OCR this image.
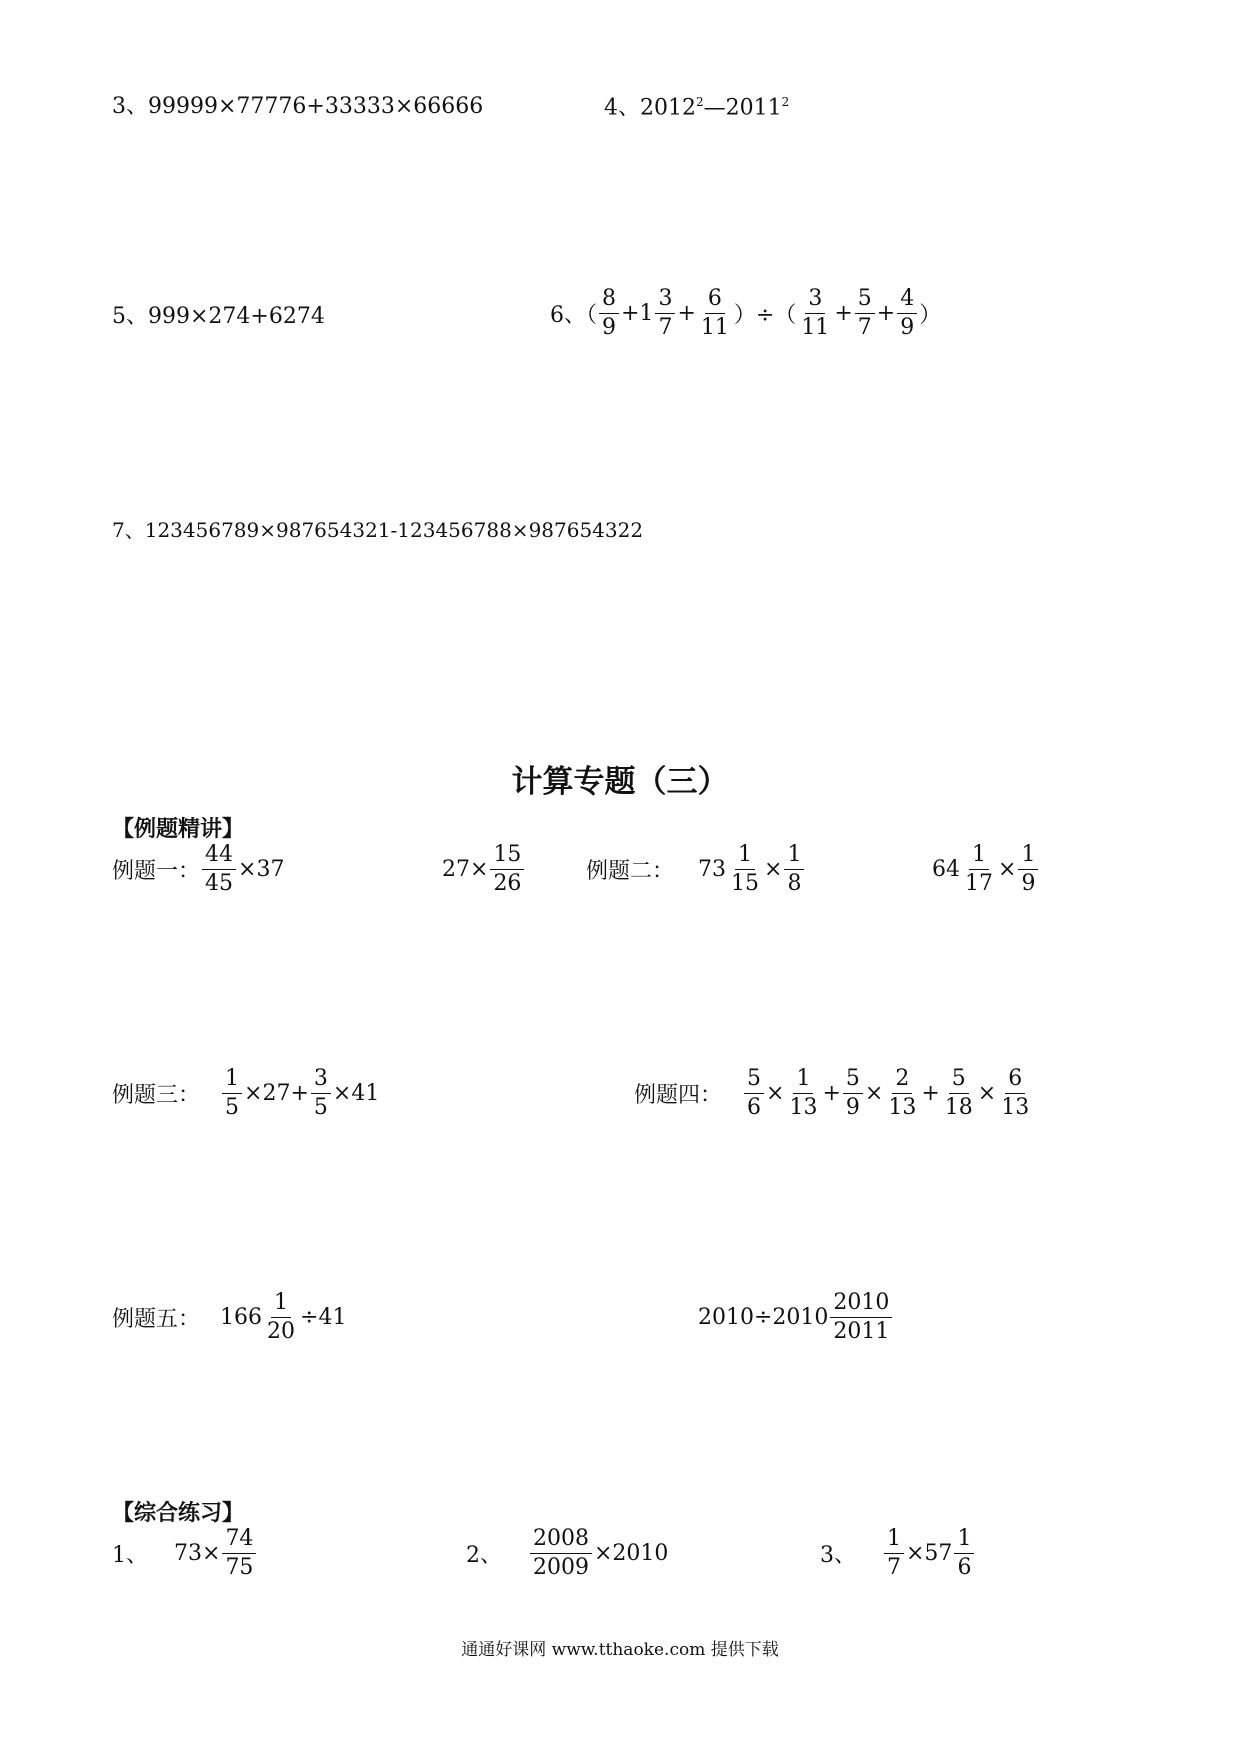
3、99999×77776+33333×66666	4、2012$^2$—2011$^2$
5、999×274+6274	6、（ $\frac{8}{9} +1 \frac{3}{7} + \frac{6}{11}$ ）÷（ $\frac{3}{11} + \frac{5}{7} + \frac{4}{9}$ ）
7、123456789×987654321-123456788×987654322
计算专题（三）
【例题精讲】
例题一： $\frac{44}{45} \times 37$	$27\times \frac{15}{26}$	例题二： $73 \frac{1}{15} \times \frac{1}{8}$	$64 \frac{1}{17} \times \frac{1}{9}$
例题三： $\frac{1}{5} \times 27+ \frac{3}{5} \times 41$	例题四： $\frac{5}{6} \times \frac{1}{13} + \frac{5}{9} \times \frac{2}{13} + \frac{5}{18} \times \frac{6}{13}$
例题五： $166 \frac{1}{20} \div 41$	$2010\div 2010 \frac{2010}{2011}$
【综合练习】
1、 $73\times \frac{74}{75}$	2、 $\frac{2008}{2009} \times 2010$	3、 $\frac{1}{7} \times 57 \frac{1}{6}$
通通好课网 www.tthaoke.com 提供下载
